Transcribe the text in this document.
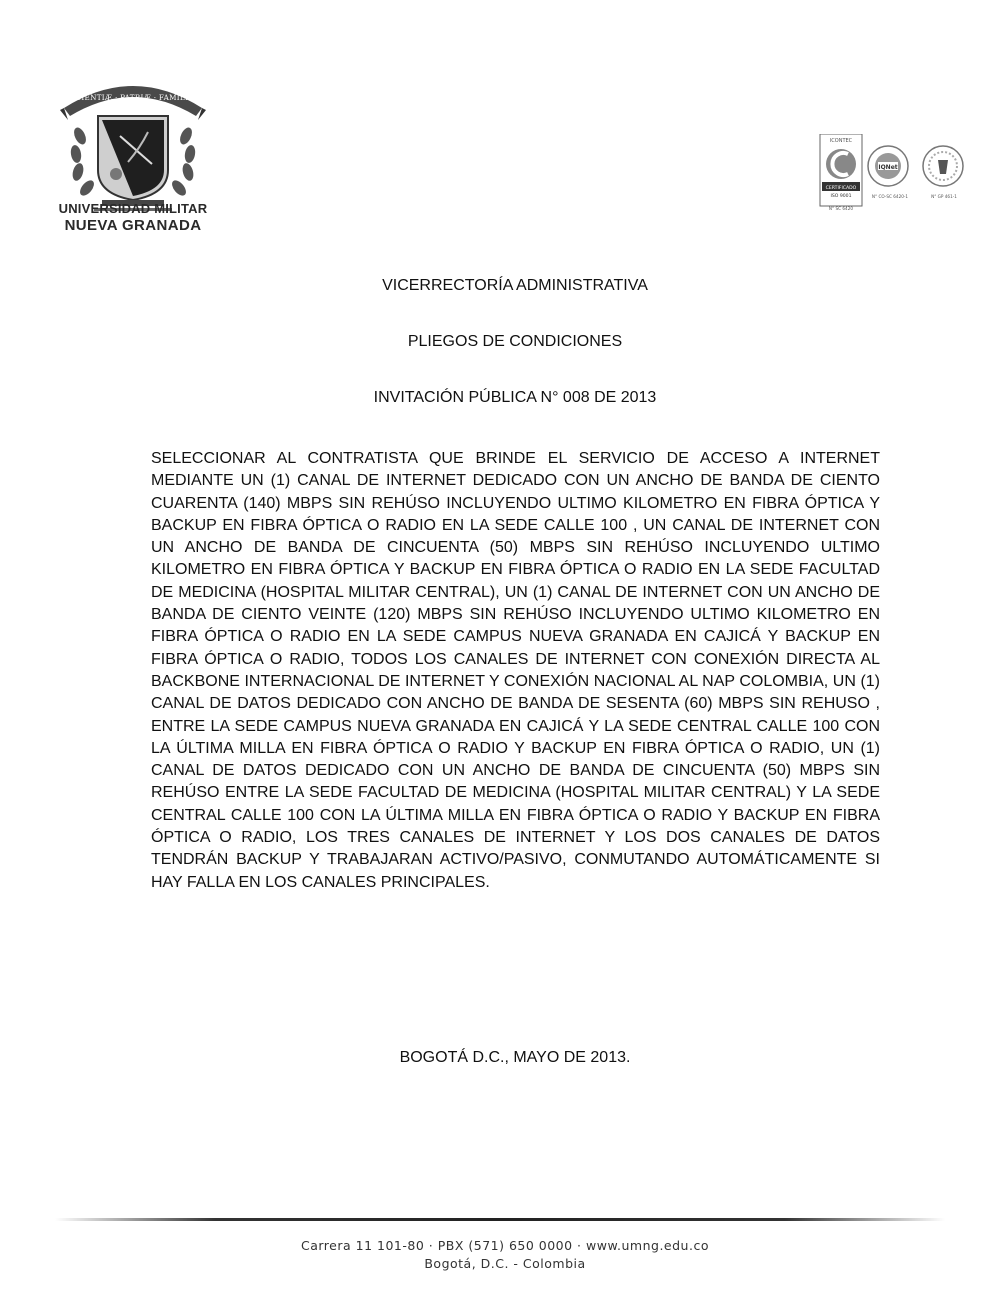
SCIENTIÆ · PATRIÆ · FAMILIÆ
UNIVERSIDAD MILITAR
NUEVA GRANADA
ICONTEC
CERTIFICADO
ISO 9001
N° SC 6420
IQNet
N° CO-SC 6420-1	N° GP 461-1
VICERRECTORÍA ADMINISTRATIVA
PLIEGOS DE CONDICIONES
INVITACIÓN PÚBLICA N° 008 DE 2013

SELECCIONAR AL CONTRATISTA QUE BRINDE EL SERVICIO DE ACCESO A INTERNET MEDIANTE UN (1) CANAL DE INTERNET DEDICADO CON UN ANCHO DE BANDA DE CIENTO CUARENTA (140) MBPS SIN REHÚSO INCLUYENDO ULTIMO KILOMETRO EN FIBRA ÓPTICA Y BACKUP EN FIBRA ÓPTICA O RADIO EN LA SEDE CALLE 100 , UN CANAL DE INTERNET CON UN ANCHO DE BANDA DE CINCUENTA (50) MBPS SIN REHÚSO INCLUYENDO ULTIMO KILOMETRO EN FIBRA ÓPTICA Y BACKUP EN FIBRA ÓPTICA O RADIO EN LA SEDE FACULTAD DE MEDICINA (HOSPITAL MILITAR CENTRAL), UN (1) CANAL DE INTERNET CON UN ANCHO DE BANDA DE CIENTO VEINTE (120) MBPS SIN REHÚSO INCLUYENDO ULTIMO KILOMETRO EN FIBRA ÓPTICA O RADIO EN LA SEDE CAMPUS NUEVA GRANADA EN CAJICÁ Y BACKUP EN FIBRA ÓPTICA O RADIO, TODOS LOS CANALES DE INTERNET CON CONEXIÓN DIRECTA AL BACKBONE INTERNACIONAL DE INTERNET Y CONEXIÓN NACIONAL AL NAP COLOMBIA, UN (1) CANAL DE DATOS DEDICADO CON ANCHO DE BANDA DE SESENTA (60) MBPS SIN REHUSO , ENTRE LA SEDE CAMPUS NUEVA GRANADA EN CAJICÁ Y LA SEDE CENTRAL CALLE 100 CON LA ÚLTIMA MILLA EN FIBRA ÓPTICA O RADIO Y BACKUP EN FIBRA ÓPTICA O RADIO, UN (1) CANAL DE DATOS DEDICADO CON UN ANCHO DE BANDA DE CINCUENTA (50) MBPS SIN REHÚSO ENTRE LA SEDE FACULTAD DE MEDICINA (HOSPITAL MILITAR CENTRAL) Y LA SEDE CENTRAL CALLE 100 CON LA ÚLTIMA MILLA EN FIBRA ÓPTICA O RADIO Y BACKUP EN FIBRA ÓPTICA O RADIO, LOS TRES CANALES DE INTERNET Y LOS DOS CANALES DE DATOS TENDRÁN BACKUP Y TRABAJARAN ACTIVO/PASIVO, CONMUTANDO AUTOMÁTICAMENTE SI HAY FALLA EN LOS CANALES PRINCIPALES.

BOGOTÁ D.C., MAYO DE 2013.
Carrera 11 101-80 · PBX (571) 650 0000 · www.umng.edu.co
Bogotá, D.C. - Colombia
